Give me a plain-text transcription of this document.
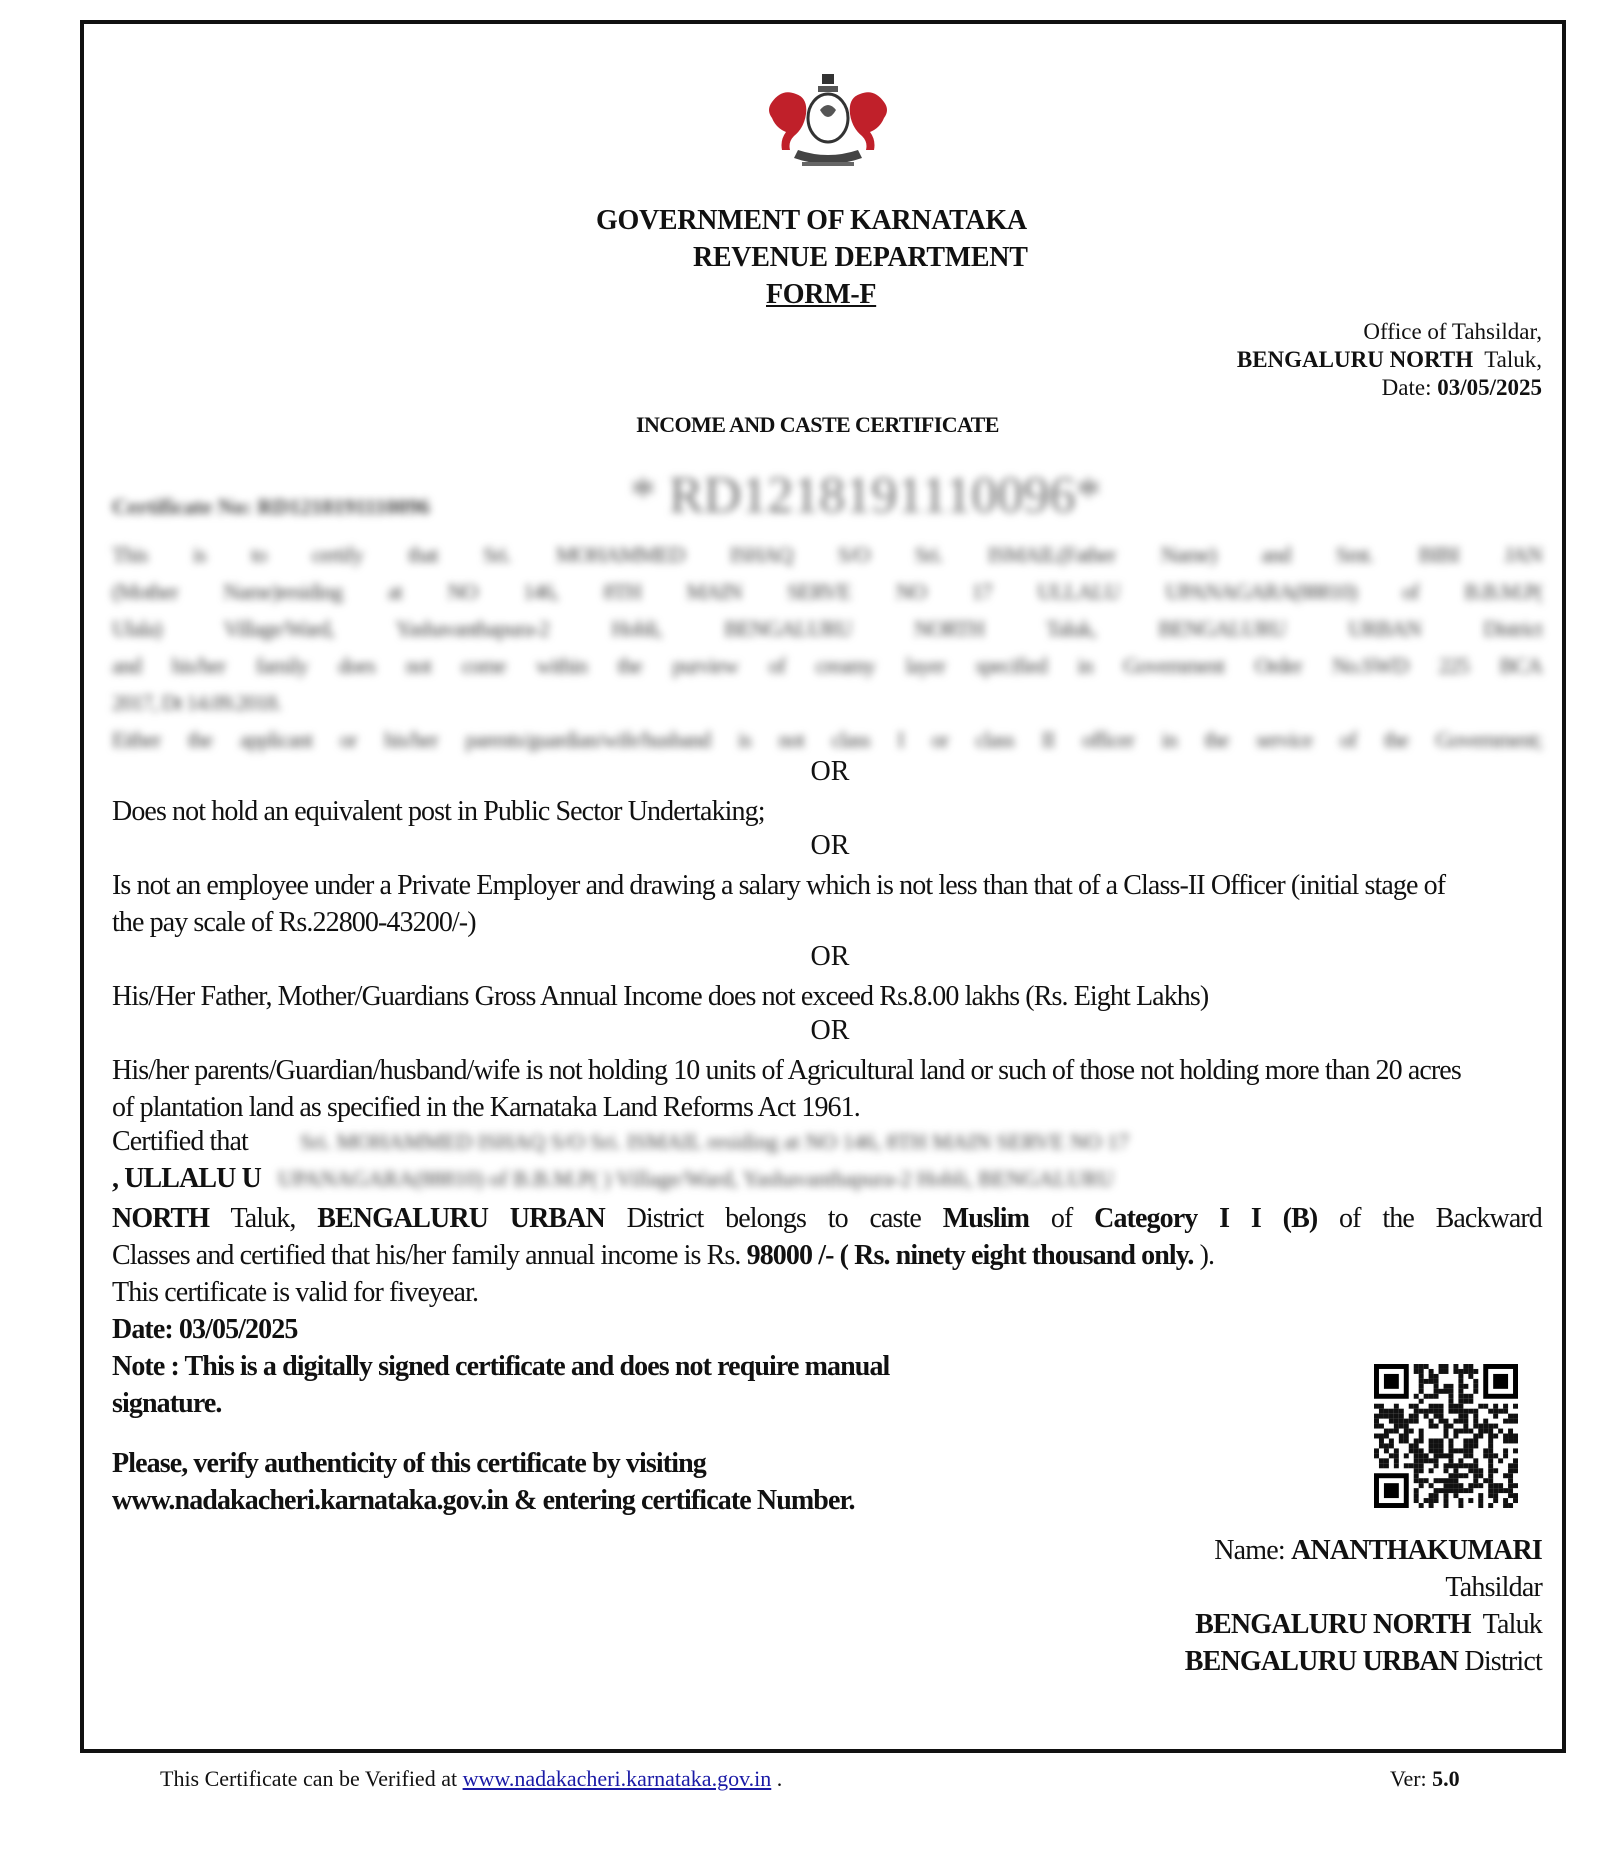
GOVERNMENT OF KARNATAKA
REVENUE DEPARTMENT
FORM-F
Office of Tahsildar,
BENGALURU NORTH Taluk,
Date: 03/05/2025
INCOME AND CASTE CERTIFICATE
Certificate No: RD1218191110096	* RD1218191110096*
This is to certify that Sri. MOHAMMED ISHAQ S/O Sri. ISMAIL(Father Name) and Smt. BIBI JAN
(Mother Name)residing at NO 146, 8TH MAIN SERVE NO 17 ULLALU UPANAGARA(88810) of B.B.M.P(
Ulala) Village/Ward, Yashavanthapura-2 Hobli, BENGALURU NORTH Taluk, BENGALURU URBAN District
and his/her family does not come within the purview of creamy layer specified in Government Order No.SWD 225 BCA
2017, Dt 14.09.2018.
Either the applicant or his/her parents/guardian/wife/husband is not class I or class II officer in the service of the Government;
OR
Does not hold an equivalent post in Public Sector Undertaking;
OR
Is not an employee under a Private Employer and drawing a salary which is not less than that of a Class-II Officer (initial stage of
the pay scale of Rs.22800-43200/-)
OR
His/Her Father, Mother/Guardians Gross Annual Income does not exceed Rs.8.00 lakhs (Rs. Eight Lakhs)
OR
His/her parents/Guardian/husband/wife is not holding 10 units of Agricultural land or such of those not holding more than 20 acres
of plantation land as specified in the Karnataka Land Reforms Act 1961.
Certified that Sri. MOHAMMED ISHAQ S/O Sri. ISMAIL residing at NO 146, 8TH MAIN SERVE NO 17
, ULLALU U UPANAGARA(88810) of B.B.M.P( ) Village/Ward, Yashavanthapura-2 Hobli, BENGALURU
NORTH Taluk, BENGALURU URBAN District belongs to caste Muslim of Category I I (B) of the Backward
Classes and certified that his/her family annual income is Rs. 98000 /- ( Rs. ninety eight thousand only. ).
This certificate is valid for fiveyear.
Date: 03/05/2025
Note : This is a digitally signed certificate and does not require manual
signature.
Please, verify authenticity of this certificate by visiting
www.nadakacheri.karnataka.gov.in & entering certificate Number.
Name: ANANTHAKUMARI
Tahsildar
BENGALURU NORTH Taluk
BENGALURU URBAN District
This Certificate can be Verified at www.nadakacheri.karnataka.gov.in .	Ver: 5.0
